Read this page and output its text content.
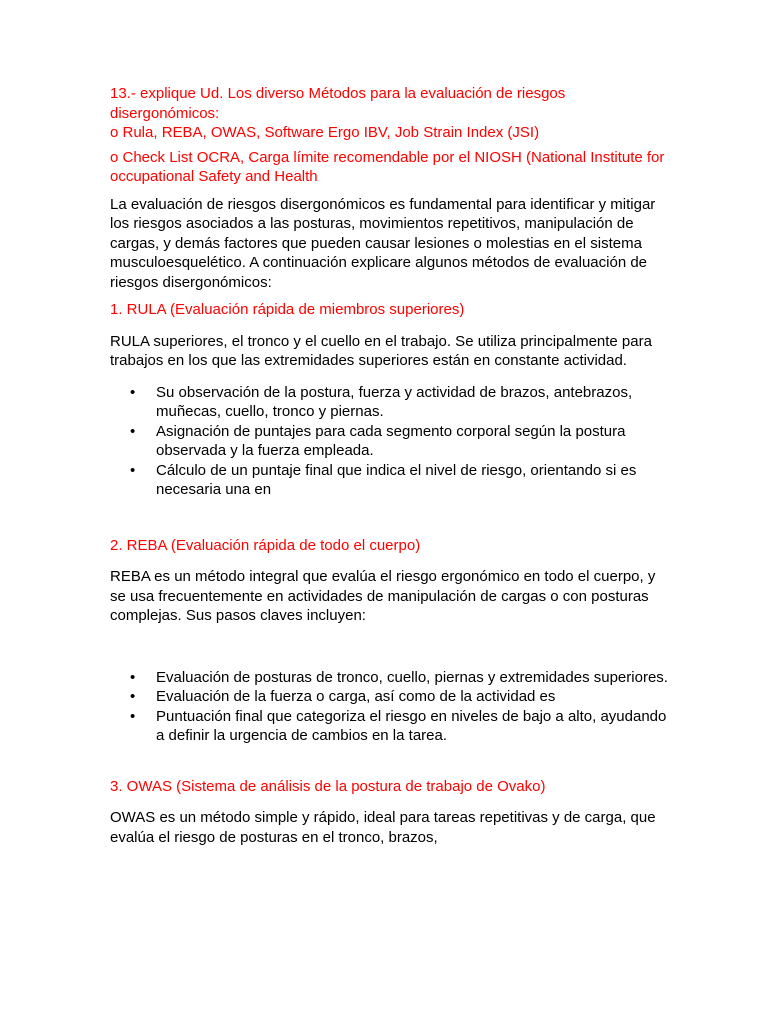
13.- explique Ud. Los diverso Métodos para la evaluación de riesgos disergonómicos:

o Rula, REBA, OWAS, Software Ergo IBV, Job Strain Index (JSI)

o Check List OCRA, Carga límite recomendable por el NIOSH (National Institute for occupational Safety and Health

La evaluación de riesgos disergonómicos es fundamental para identificar y mitigar los riesgos asociados a las posturas, movimientos repetitivos, manipulación de cargas, y demás factores que pueden causar lesiones o molestias en el sistema musculoesquelético. A continuación explicare algunos métodos de evaluación de riesgos disergonómicos:

1. RULA (Evaluación rápida de miembros superiores)

RULA superiores, el tronco y el cuello en el trabajo. Se utiliza principalmente para trabajos en los que las extremidades superiores están en constante actividad.

• Su observación de la postura, fuerza y actividad de brazos, antebrazos, muñecas, cuello, tronco y piernas.
• Asignación de puntajes para cada segmento corporal según la postura observada y la fuerza empleada.
• Cálculo de un puntaje final que indica el nivel de riesgo, orientando si es necesaria una en

2. REBA (Evaluación rápida de todo el cuerpo)

REBA es un método integral que evalúa el riesgo ergonómico en todo el cuerpo, y se usa frecuentemente en actividades de manipulación de cargas o con posturas complejas. Sus pasos claves incluyen:

• Evaluación de posturas de tronco, cuello, piernas y extremidades superiores.
• Evaluación de la fuerza o carga, así como de la actividad es
• Puntuación final que categoriza el riesgo en niveles de bajo a alto, ayudando a definir la urgencia de cambios en la tarea.

3. OWAS (Sistema de análisis de la postura de trabajo de Ovako)

OWAS es un método simple y rápido, ideal para tareas repetitivas y de carga, que evalúa el riesgo de posturas en el tronco, brazos,
